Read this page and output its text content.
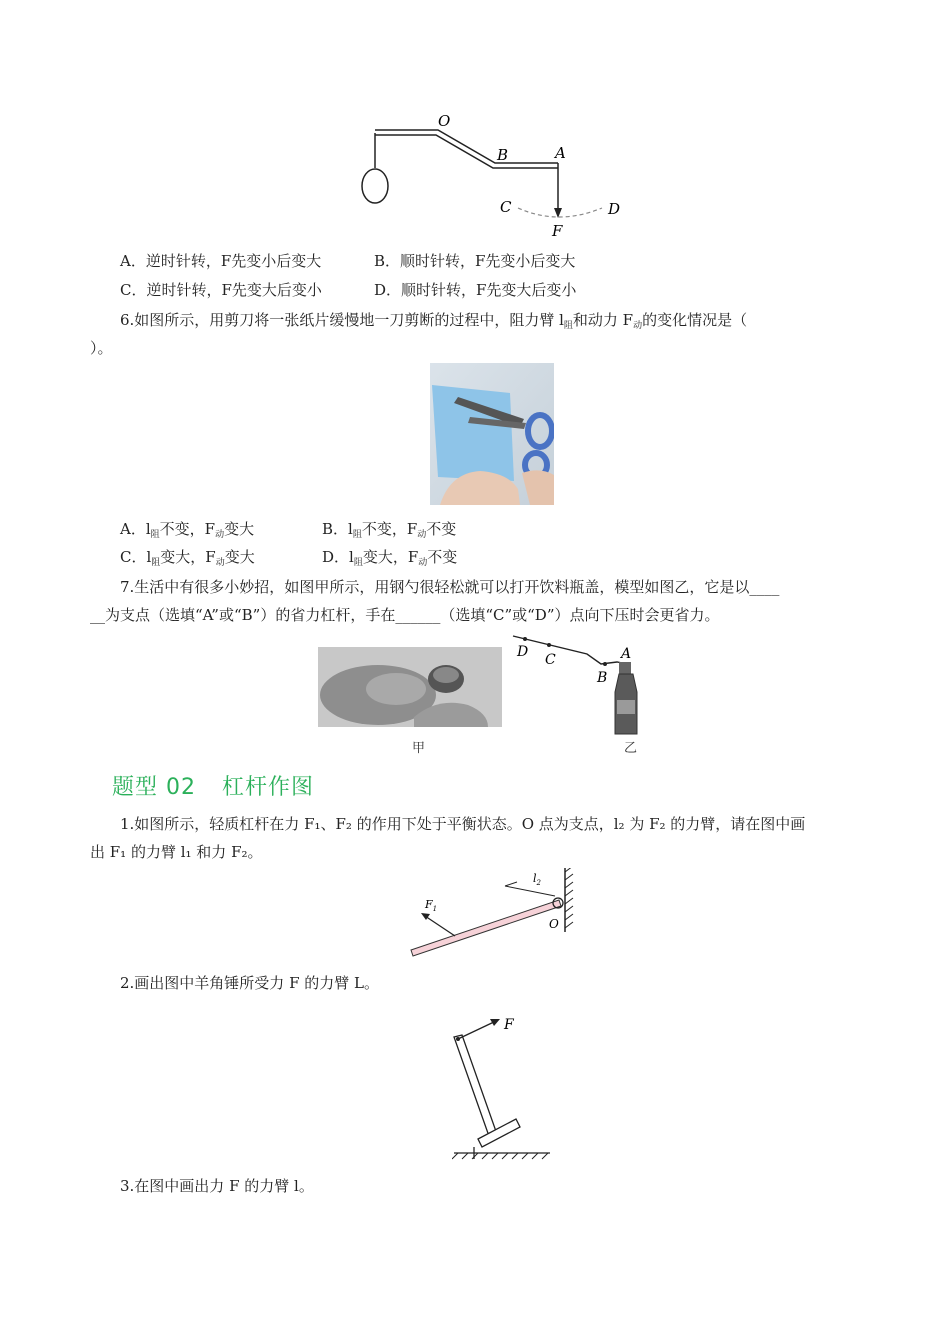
O
B	A
C	D
F
A．逆时针转，F先变小后变大	B．顺时针转，F先变小后变大
C．逆时针转，F先变大后变小	D．顺时针转，F先变大后变小
6.如图所示，用剪刀将一张纸片缓慢地一刀剪断的过程中，阻力臂 $l_阻$和动力 $F_动$的变化情况是（
）。
A．$l_阻$不变，$F_动$变大	B．$l_阻$不变，$F_动$不变
C．$l_阻$变大，$F_动$变大	D．$l_阻$变大，$F_动$不变
7.生活中有很多小妙招，如图甲所示，用钢勺很轻松就可以打开饮料瓶盖，模型如图乙，它是以____
__为支点（选填“A”或“B”）的省力杠杆，手在______（选填“C”或“D”）点向下压时会更省力。
甲
D C	A
B
乙
题型 02 杠杆作图
1.如图所示，轻质杠杆在力 F₁、F₂ 的作用下处于平衡状态。O 点为支点，l₂ 为 F₂ 的力臂，请在图中画
出 F₁ 的力臂 l₁ 和力 F₂。
$F_1$
$l_2$
O
2.画出图中羊角锤所受力 F 的力臂 L。
F
3.在图中画出力 F 的力臂 l。
